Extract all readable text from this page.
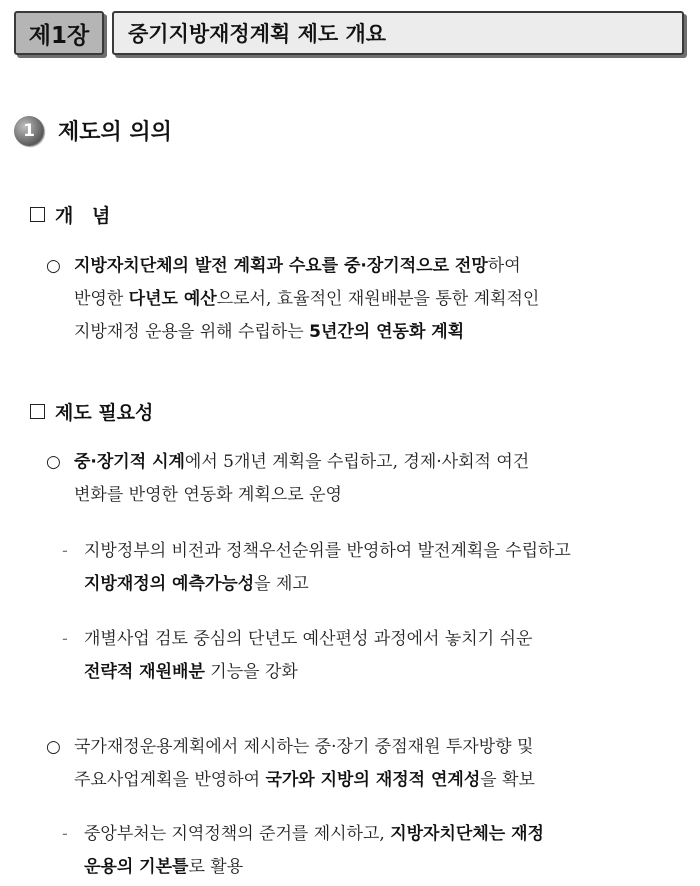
제1장	중기지방재정계획 제도 개요
1	제도의 의의
개 념
○ 지방자치단체의 발전 계획과 수요를 중·장기적으로 전망하여
반영한 다년도 예산으로서, 효율적인 재원배분을 통한 계획적인
지방재정 운용을 위해 수립하는 5년간의 연동화 계획
제도 필요성
○ 중·장기적 시계에서 5개년 계획을 수립하고, 경제·사회적 여건
변화를 반영한 연동화 계획으로 운영
- 지방정부의 비전과 정책우선순위를 반영하여 발전계획을 수립하고
지방재정의 예측가능성을 제고
- 개별사업 검토 중심의 단년도 예산편성 과정에서 놓치기 쉬운
전략적 재원배분 기능을 강화
○ 국가재정운용계획에서 제시하는 중·장기 중점재원 투자방향 및
주요사업계획을 반영하여 국가와 지방의 재정적 연계성을 확보
- 중앙부처는 지역정책의 준거를 제시하고, 지방자치단체는 재정
운용의 기본틀로 활용
